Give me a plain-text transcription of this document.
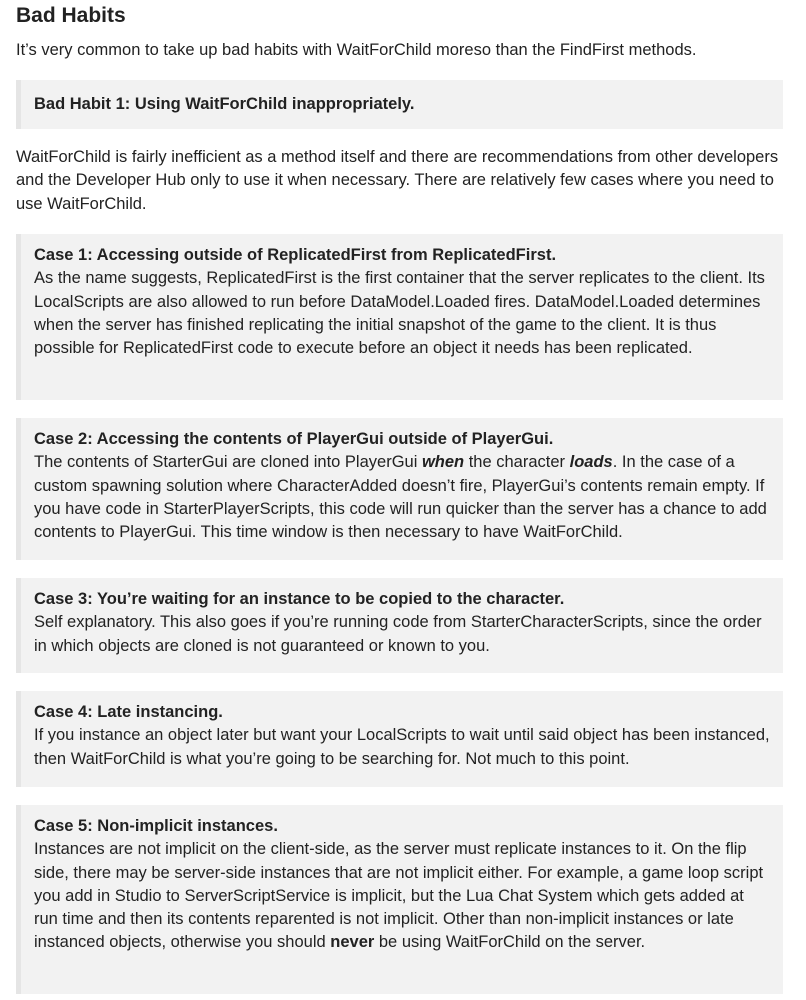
Bad Habits

It’s very common to take up bad habits with WaitForChild moreso than the FindFirst methods.

Bad Habit 1: Using WaitForChild inappropriately.

WaitForChild is fairly inefficient as a method itself and there are recommendations from other developers and the Developer Hub only to use it when necessary. There are relatively few cases where you need to use WaitForChild.

Case 1: Accessing outside of ReplicatedFirst from ReplicatedFirst.
As the name suggests, ReplicatedFirst is the first container that the server replicates to the client. Its LocalScripts are also allowed to run before DataModel.Loaded fires. DataModel.Loaded determines when the server has finished replicating the initial snapshot of the game to the client. It is thus possible for ReplicatedFirst code to execute before an object it needs has been replicated.
Case 2: Accessing the contents of PlayerGui outside of PlayerGui.
The contents of StarterGui are cloned into PlayerGui when the character loads. In the case of a custom spawning solution where CharacterAdded doesn’t fire, PlayerGui’s contents remain empty. If you have code in StarterPlayerScripts, this code will run quicker than the server has a chance to add contents to PlayerGui. This time window is then necessary to have WaitForChild.
Case 3: You’re waiting for an instance to be copied to the character.
Self explanatory. This also goes if you’re running code from StarterCharacterScripts, since the order in which objects are cloned is not guaranteed or known to you.
Case 4: Late instancing.
If you instance an object later but want your LocalScripts to wait until said object has been instanced, then WaitForChild is what you’re going to be searching for. Not much to this point.
Case 5: Non-implicit instances.
Instances are not implicit on the client-side, as the server must replicate instances to it. On the flip side, there may be server-side instances that are not implicit either. For example, a game loop script you add in Studio to ServerScriptService is implicit, but the Lua Chat System which gets added at run time and then its contents reparented is not implicit. Other than non-implicit instances or late instanced objects, otherwise you should never be using WaitForChild on the server.
